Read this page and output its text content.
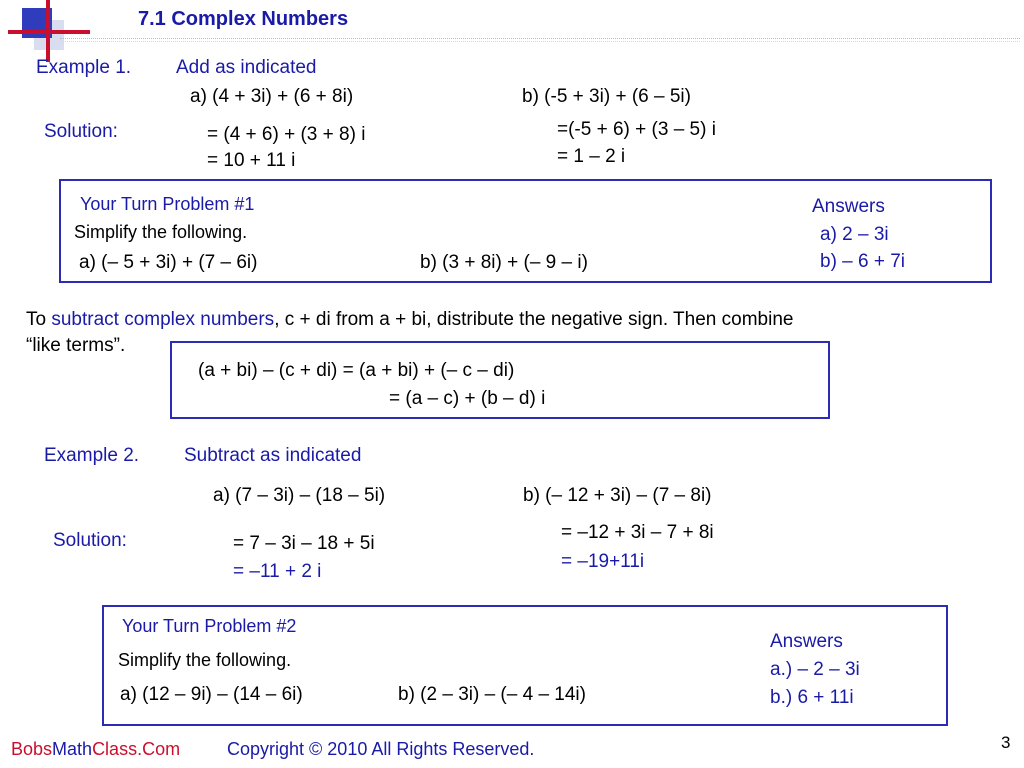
7.1 Complex Numbers
Example 1. Add as indicated
a) (4 + 3i) + (6 + 8i)	b) (-5 + 3i) + (6 – 5i)
Solution:	= (4 + 6) + (3 + 8) i
= 10 + 11 i
=(-5 + 6) + (3 – 5) i
= 1 – 2 i
Your Turn Problem #1
Simplify the following.
a) (– 5 + 3i) + (7 – 6i)	b) (3 + 8i) + (– 9 – i)
Answers
a) 2 – 3i
b) – 6 + 7i
To subtract complex numbers, c + di from a + bi, distribute the negative sign. Then combine
“like terms”.
(a + bi) – (c + di) = (a + bi) + (– c – di)
= (a – c) + (b – d) i
Example 2. Subtract as indicated
a) (7 – 3i) – (18 – 5i)	b) (– 12 + 3i) – (7 – 8i)
Solution:	= 7 – 3i – 18 + 5i
= –11 + 2 i
= –12 + 3i – 7 + 8i
= –19+11i
Your Turn Problem #2
Simplify the following.
a) (12 – 9i) – (14 – 6i)	b) (2 – 3i) – (– 4 – 14i)
Answers
a.) – 2 – 3i
b.) 6 + 11i
BobsMathClass.Com	Copyright © 2010 All Rights Reserved.	3
